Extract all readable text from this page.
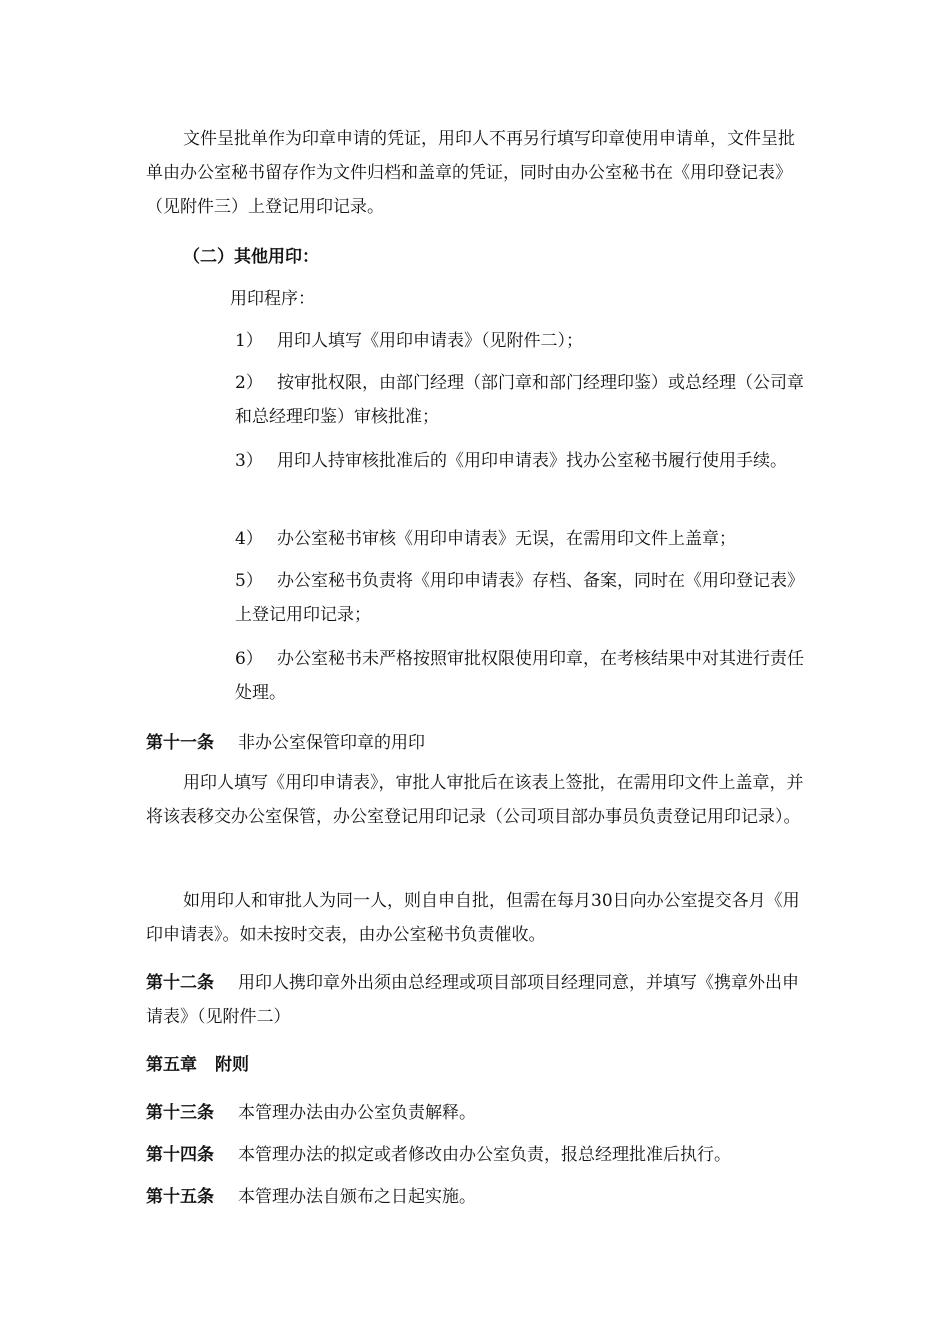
文件呈批单作为印章申请的凭证，用印人不再另行填写印章使用申请单，文件呈批单由办公室秘书留存作为文件归档和盖章的凭证，同时由办公室秘书在《用印登记表》（见附件三）上登记用印记录。

（二）其他用印：

用印程序：

1） 用印人填写《用印申请表》（见附件二）；
2） 按审批权限，由部门经理（部门章和部门经理印鉴）或总经理（公司章和总经理印鉴）审核批准；
3） 用印人持审核批准后的《用印申请表》找办公室秘书履行使用手续。
4） 办公室秘书审核《用印申请表》无误，在需用印文件上盖章；
5） 办公室秘书负责将《用印申请表》存档、备案，同时在《用印登记表》上登记用印记录；
6） 办公室秘书未严格按照审批权限使用印章，在考核结果中对其进行责任处理。
第十一条 非办公室保管印章的用印

用印人填写《用印申请表》，审批人审批后在该表上签批，在需用印文件上盖章，并将该表移交办公室保管，办公室登记用印记录（公司项目部办事员负责登记用印记录）。

如用印人和审批人为同一人，则自申自批，但需在每月30日向办公室提交各月《用印申请表》。如未按时交表，由办公室秘书负责催收。

第十二条 用印人携印章外出须由总经理或项目部项目经理同意，并填写《携章外出申请表》（见附件二）
第五章 附则
第十三条 本管理办法由办公室负责解释。
第十四条 本管理办法的拟定或者修改由办公室负责，报总经理批准后执行。
第十五条 本管理办法自颁布之日起实施。
